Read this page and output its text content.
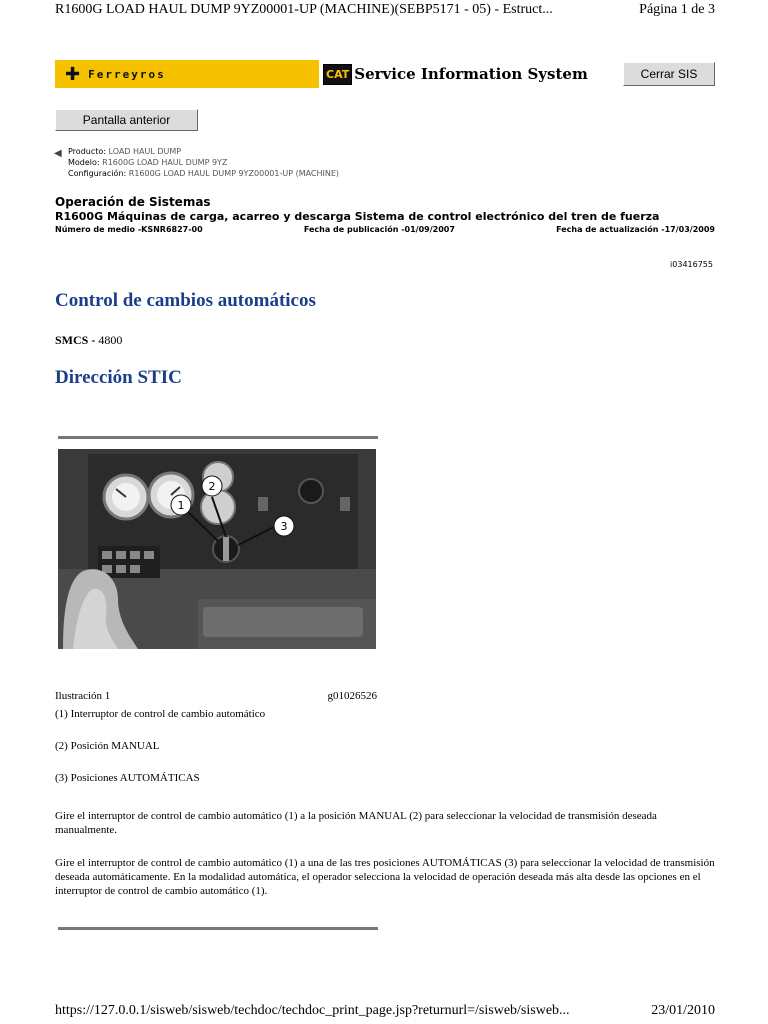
R1600G LOAD HAUL DUMP 9YZ00001-UP (MACHINE)(SEBP5171 - 05) - Estruct...	Página 1 de 3
✚ Ferreyros	CAT Service Information System	Cerrar SIS
Pantalla anterior
◀ Producto: LOAD HAUL DUMP
Modelo: R1600G LOAD HAUL DUMP 9YZ
Configuración: R1600G LOAD HAUL DUMP 9YZ00001-UP (MACHINE)
Operación de Sistemas
R1600G Máquinas de carga, acarreo y descarga Sistema de control electrónico del tren de fuerza
Número de medio -KSNR6827-00	Fecha de publicación -01/09/2007	Fecha de actualización -17/03/2009
i03416755
Control de cambios automáticos
SMCS - 4800
Dirección STIC
1
2
3
Ilustración 1	g01026526
(1) Interruptor de control de cambio automático
(2) Posición MANUAL
(3) Posiciones AUTOMÁTICAS
Gire el interruptor de control de cambio automático (1) a la posición MANUAL (2) para seleccionar la velocidad de transmisión deseada manualmente.
Gire el interruptor de control de cambio automático (1) a una de las tres posiciones AUTOMÁTICAS (3) para seleccionar la velocidad de transmisión deseada automáticamente. En la modalidad automática, el operador selecciona la velocidad de operación deseada más alta desde las opciones en el interruptor de control de cambio automático (1).
https://127.0.0.1/sisweb/sisweb/techdoc/techdoc_print_page.jsp?returnurl=/sisweb/sisweb...	23/01/2010
